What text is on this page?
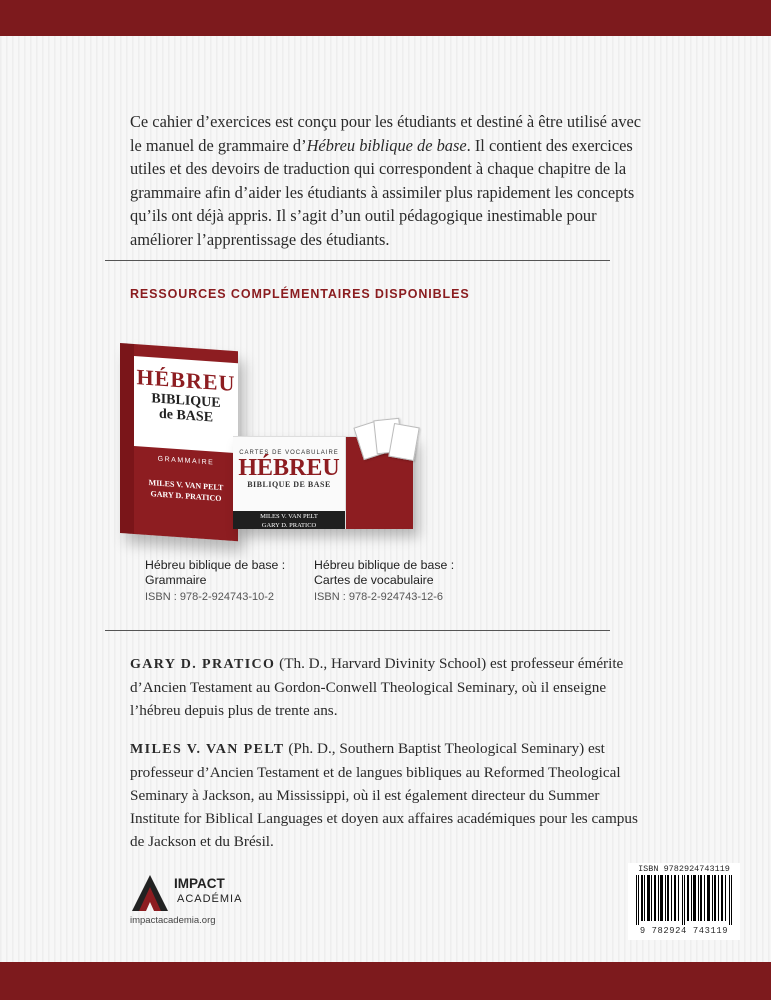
Ce cahier d’exercices est conçu pour les étudiants et destiné à être utilisé avec le manuel de grammaire d’Hébreu biblique de base. Il contient des exercices utiles et des devoirs de traduction qui correspondent à chaque chapitre de la grammaire afin d’aider les étudiants à assimiler plus rapidement les concepts qu’ils ont déjà appris. Il s’agit d’un outil pédagogique inestimable pour améliorer l’apprentissage des étudiants.

RESSOURCES COMPLÉMENTAIRES DISPONIBLES
HÉBREU
BIBLIQUE
de BASE
GRAMMAIRE
MILES V. VAN PELT
GARY D. PRATICO
CARTES DE VOCABULAIRE
HÉBREU
BIBLIQUE DE BASE
MILES V. VAN PELT
GARY D. PRATICO
Hébreu biblique de base :
Grammaire
ISBN : 978-2-924743-10-2
Hébreu biblique de base :
Cartes de vocabulaire
ISBN : 978-2-924743-12-6

GARY D. PRATICO (Th. D., Harvard Divinity School) est professeur émérite d’Ancien Testament au Gordon-Conwell Theological Seminary, où il enseigne l’hébreu depuis plus de trente ans.

MILES V. VAN PELT (Ph. D., Southern Baptist Theological Seminary) est professeur d’Ancien Testament et de langues bibliques au Reformed Theological Seminary à Jackson, au Mississippi, où il est également directeur du Summer Institute for Biblical Languages et doyen aux affaires académiques pour les campus de Jackson et du Brésil.

IMPACT
ACADÉMIA
impactacademia.org
ISBN 9782924743119
9 782924 743119
